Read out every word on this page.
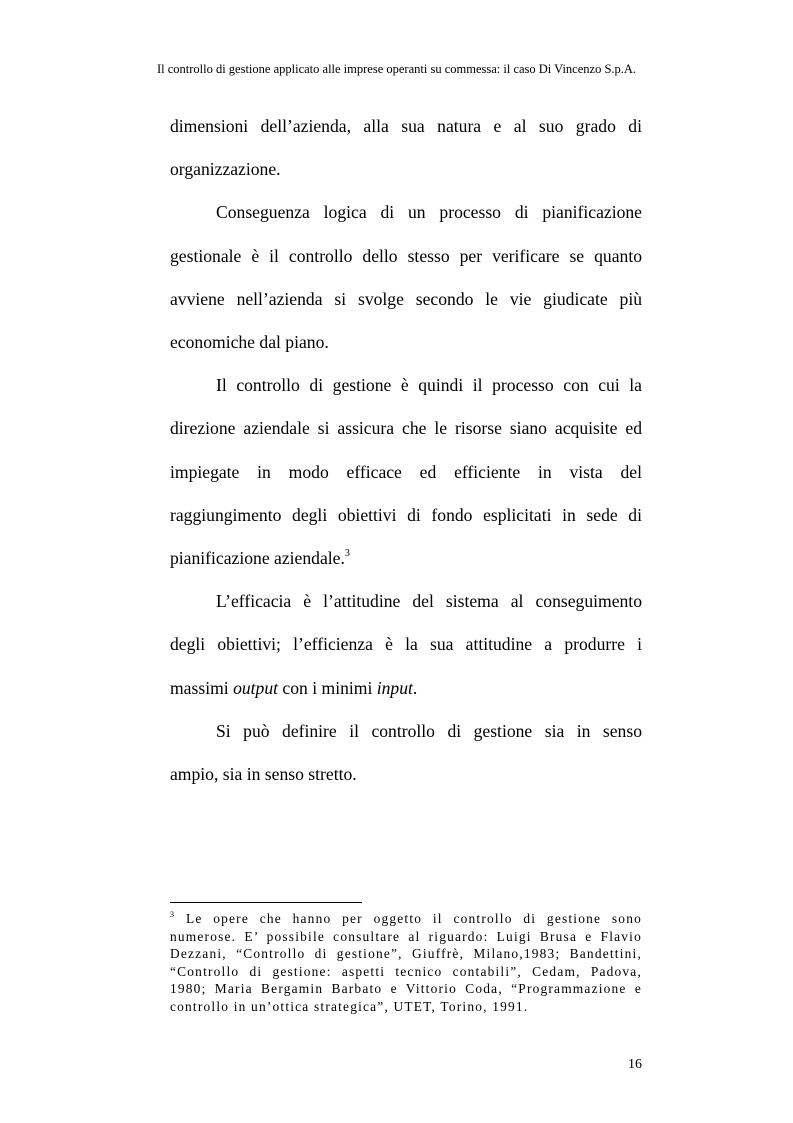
Il controllo di gestione applicato alle imprese operanti su commessa: il caso Di Vincenzo S.p.A.

dimensioni dell’azienda, alla sua natura e al suo grado di

organizzazione.

Conseguenza logica di un processo di pianificazione

gestionale è il controllo dello stesso per verificare se quanto

avviene nell’azienda si svolge secondo le vie giudicate più

economiche dal piano.

Il controllo di gestione è quindi il processo con cui la

direzione aziendale si assicura che le risorse siano acquisite ed

impiegate in modo efficace ed efficiente in vista del

raggiungimento degli obiettivi di fondo esplicitati in sede di

pianificazione aziendale.$^3$

L’efficacia è l’attitudine del sistema al conseguimento

degli obiettivi; l’efficienza è la sua attitudine a produrre i

massimi output con i minimi input.

Si può definire il controllo di gestione sia in senso

ampio, sia in senso stretto.

$^3$ Le opere che hanno per oggetto il controllo di gestione sono numerose. E’ possibile consultare al riguardo: Luigi Brusa e Flavio Dezzani, “Controllo di gestione”, Giuffrè, Milano,1983; Bandettini, “Controllo di gestione: aspetti tecnico contabili”, Cedam, Padova, 1980; Maria Bergamin Barbato e Vittorio Coda, “Programmazione e controllo in un’ottica strategica”, UTET, Torino, 1991.
16
